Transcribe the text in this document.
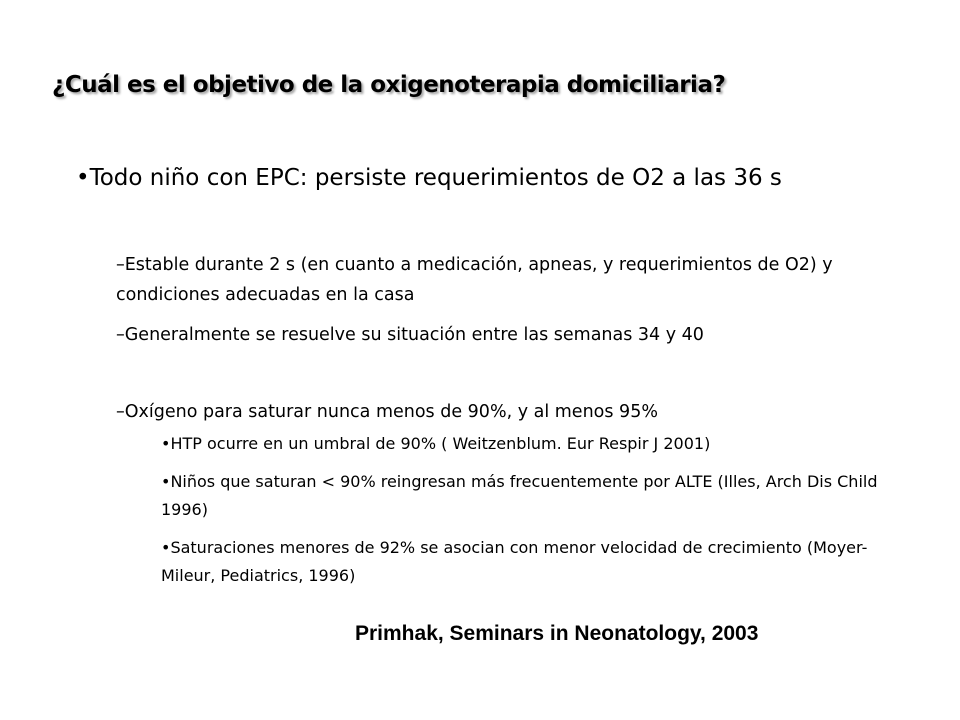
¿Cuál es el objetivo de la oxigenoterapia domiciliaria?
•Todo niño con EPC: persiste requerimientos de O2 a las 36 s
–Estable durante 2 s (en cuanto a medicación, apneas, y requerimientos de O2) y condiciones adecuadas en la casa
–Generalmente se resuelve su situación entre las semanas 34 y 40
–Oxígeno para saturar nunca menos de 90%, y al menos 95%
•HTP ocurre en un umbral de 90% ( Weitzenblum. Eur Respir J 2001)
•Niños que saturan < 90% reingresan más frecuentemente por ALTE (Illes, Arch Dis Child 1996)
•Saturaciones menores de 92% se asocian con menor velocidad de crecimiento (Moyer-Mileur, Pediatrics, 1996)
Primhak, Seminars in Neonatology, 2003
